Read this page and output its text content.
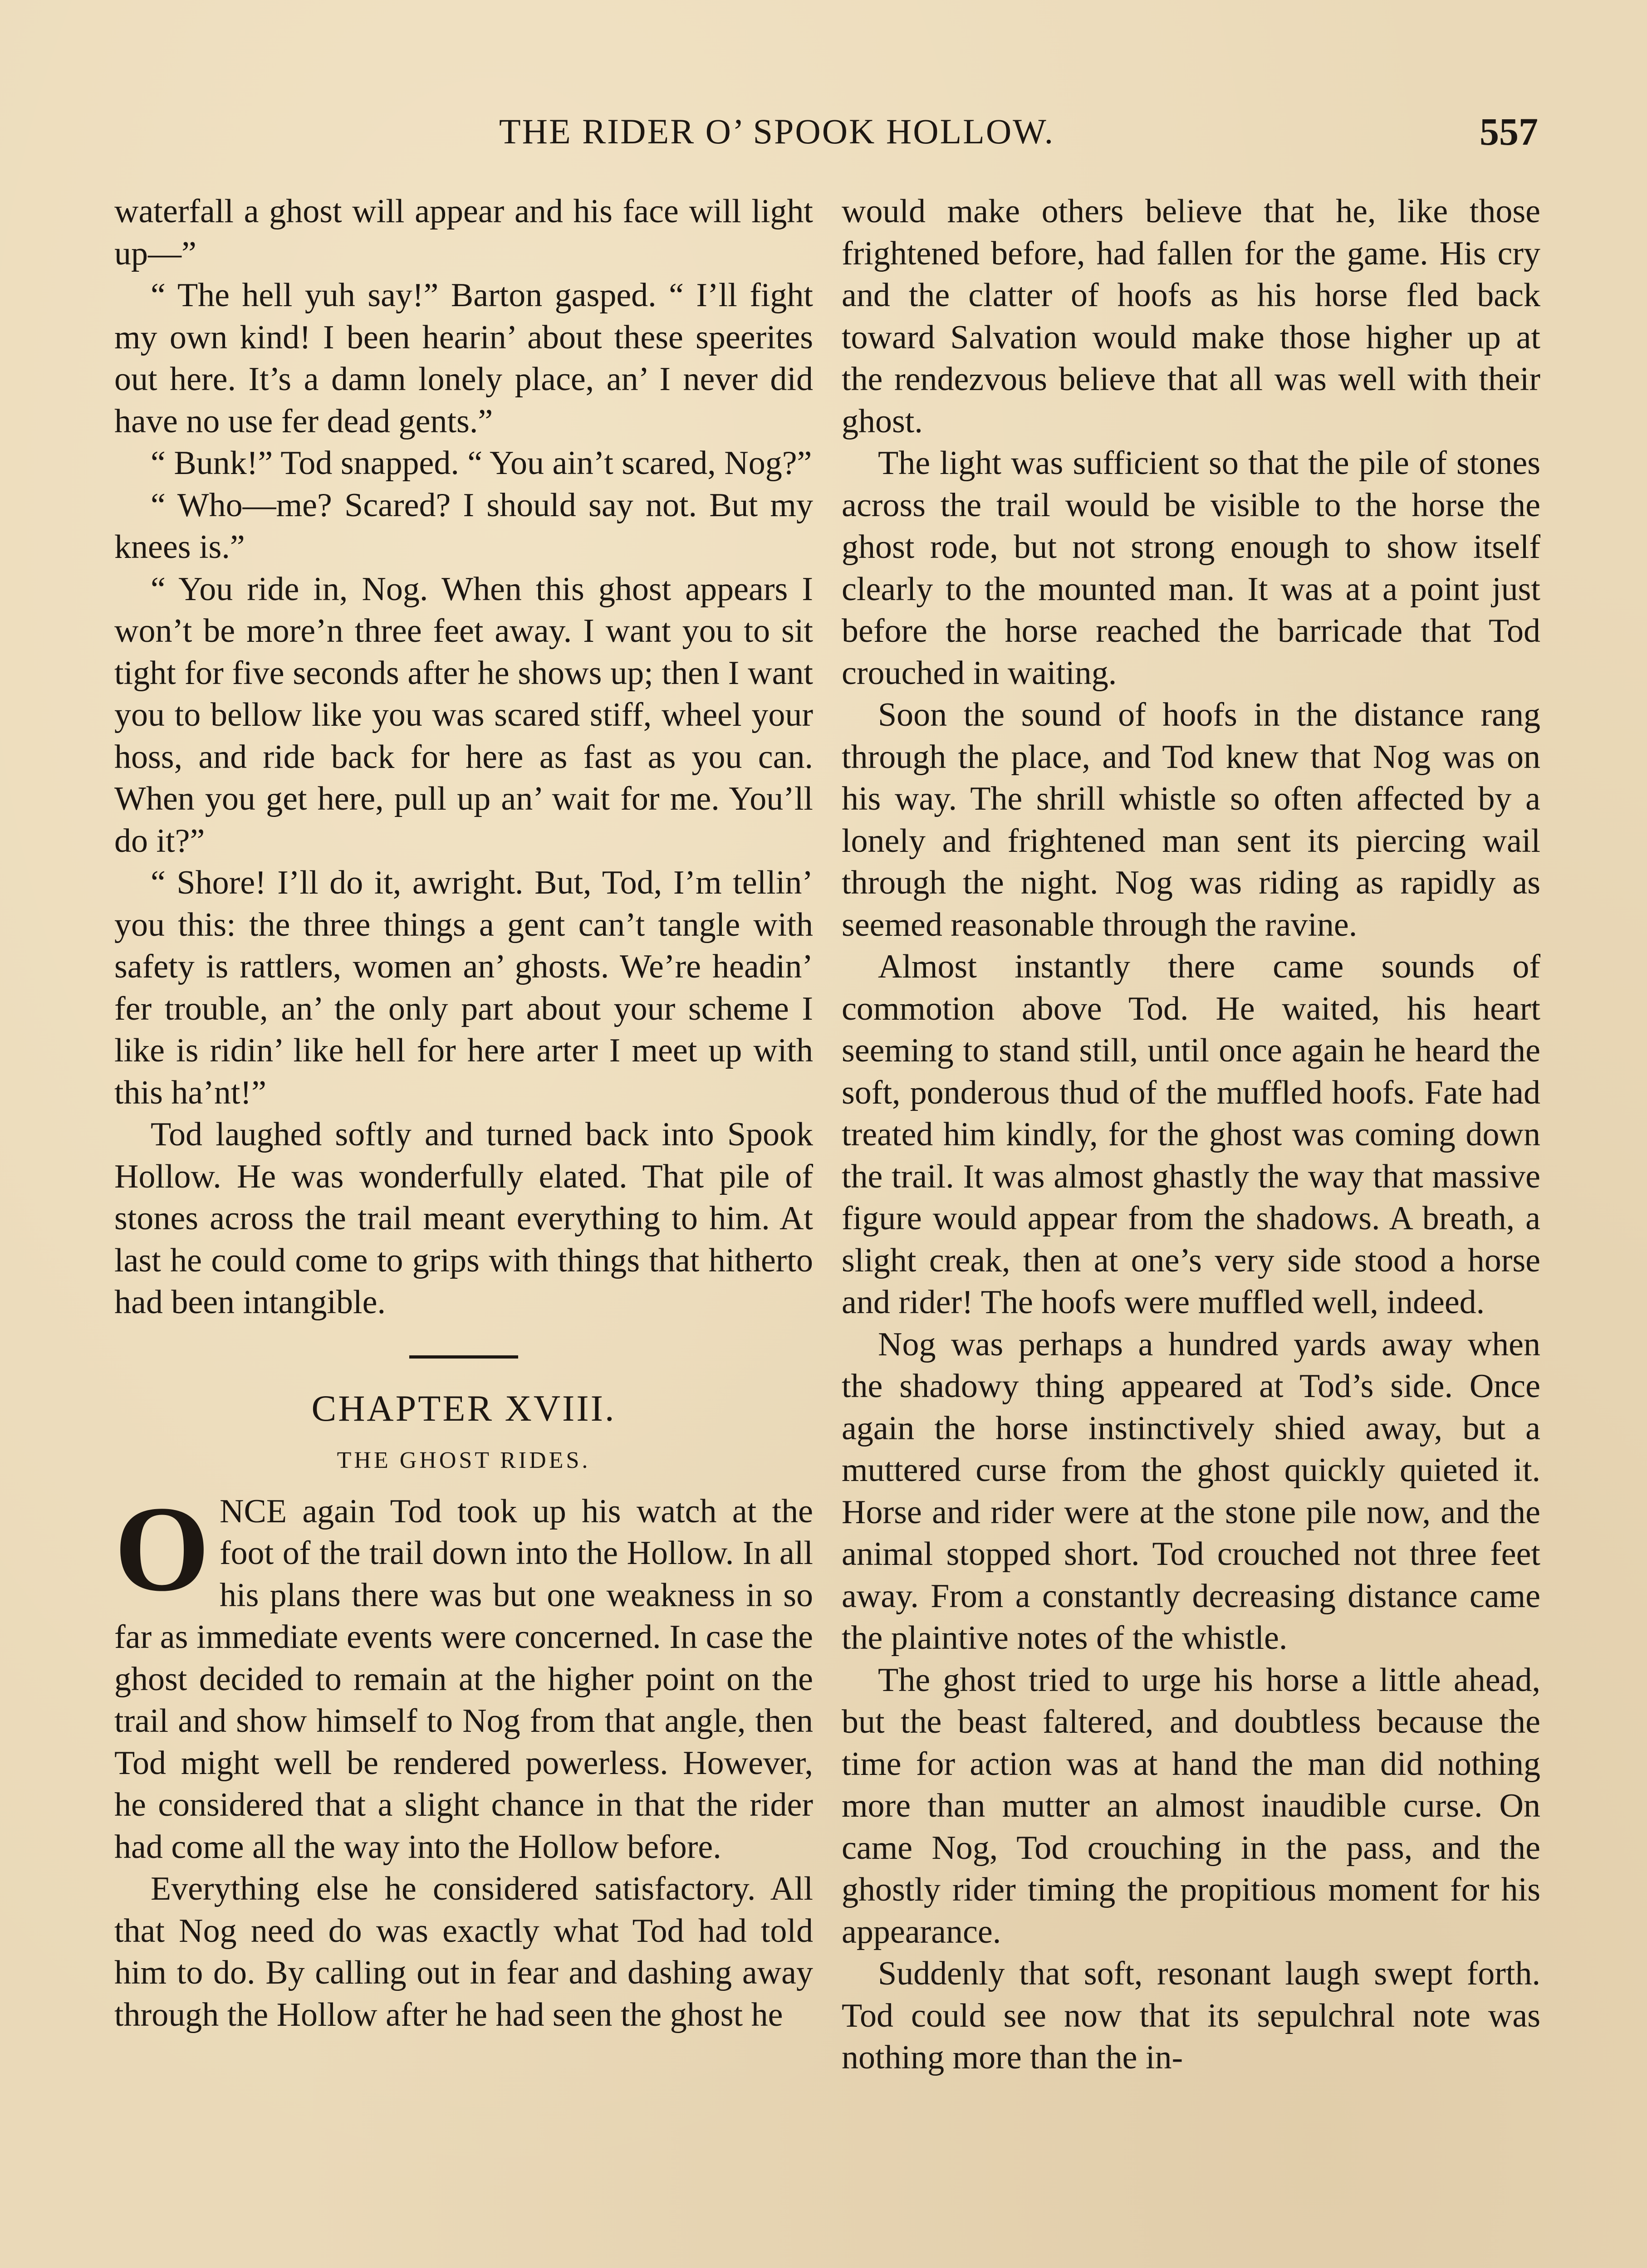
THE RIDER O’ SPOOK HOLLOW.	557

waterfall a ghost will appear and his face will light up—”

“ The hell yuh say!” Barton gasped. “ I’ll fight my own kind! I been hearin’ about these speerites out here. It’s a damn lonely place, an’ I never did have no use fer dead gents.”

“ Bunk!” Tod snapped. “ You ain’t scared, Nog?”

“ Who—me? Scared? I should say not. But my knees is.”

“ You ride in, Nog. When this ghost appears I won’t be more’n three feet away. I want you to sit tight for five seconds after he shows up; then I want you to bellow like you was scared stiff, wheel your hoss, and ride back for here as fast as you can. When you get here, pull up an’ wait for me. You’ll do it?”

“ Shore! I’ll do it, awright. But, Tod, I’m tellin’ you this: the three things a gent can’t tangle with safety is rattlers, women an’ ghosts. We’re headin’ fer trouble, an’ the only part about your scheme I like is ridin’ like hell for here arter I meet up with this ha’nt!”

Tod laughed softly and turned back into Spook Hollow. He was wonderfully elated. That pile of stones across the trail meant everything to him. At last he could come to grips with things that hitherto had been intangible.

CHAPTER XVIII.
THE GHOST RIDES.

ONCE again Tod took up his watch at the foot of the trail down into the Hollow. In all his plans there was but one weakness in so far as immediate events were concerned. In case the ghost decided to remain at the higher point on the trail and show himself to Nog from that angle, then Tod might well be rendered powerless. However, he considered that a slight chance in that the rider had come all the way into the Hollow before.

Everything else he considered satisfactory. All that Nog need do was exactly what Tod had told him to do. By calling out in fear and dashing away through the Hollow after he had seen the ghost he

would make others believe that he, like those frightened before, had fallen for the game. His cry and the clatter of hoofs as his horse fled back toward Salvation would make those higher up at the rendezvous believe that all was well with their ghost.

The light was sufficient so that the pile of stones across the trail would be visible to the horse the ghost rode, but not strong enough to show itself clearly to the mounted man. It was at a point just before the horse reached the barricade that Tod crouched in waiting.

Soon the sound of hoofs in the distance rang through the place, and Tod knew that Nog was on his way. The shrill whistle so often affected by a lonely and frightened man sent its piercing wail through the night. Nog was riding as rapidly as seemed reasonable through the ravine.

Almost instantly there came sounds of commotion above Tod. He waited, his heart seeming to stand still, until once again he heard the soft, ponderous thud of the muffled hoofs. Fate had treated him kindly, for the ghost was coming down the trail. It was almost ghastly the way that massive figure would appear from the shadows. A breath, a slight creak, then at one’s very side stood a horse and rider! The hoofs were muffled well, indeed.

Nog was perhaps a hundred yards away when the shadowy thing appeared at Tod’s side. Once again the horse instinctively shied away, but a muttered curse from the ghost quickly quieted it. Horse and rider were at the stone pile now, and the animal stopped short. Tod crouched not three feet away. From a constantly decreasing distance came the plaintive notes of the whistle.

The ghost tried to urge his horse a little ahead, but the beast faltered, and doubtless because the time for action was at hand the man did nothing more than mutter an almost inaudible curse. On came Nog, Tod crouching in the pass, and the ghostly rider timing the propitious moment for his appearance.

Suddenly that soft, resonant laugh swept forth. Tod could see now that its sepulchral note was nothing more than the in-
